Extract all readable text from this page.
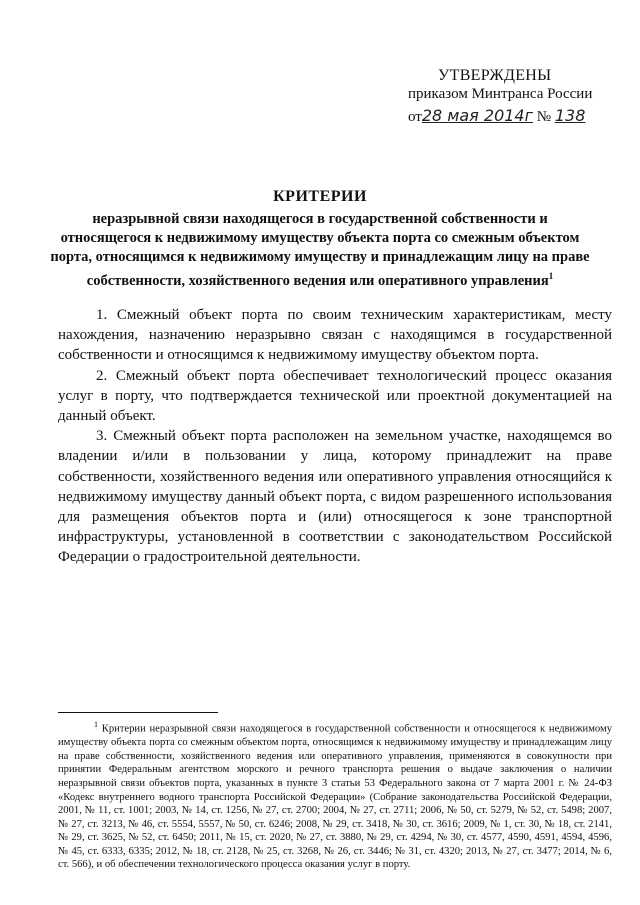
УТВЕРЖДЕНЫ
приказом Минтранса России
от28 мая 2014г № 138
КРИТЕРИИ
неразрывной связи находящегося в государственной собственности и относящегося к недвижимому имуществу объекта порта со смежным объектом порта, относящимся к недвижимому имуществу и принадлежащим лицу на праве собственности, хозяйственного ведения или оперативного управления$^1$

1. Смежный объект порта по своим техническим характеристикам, месту нахождения, назначению неразрывно связан с находящимся в государственной собственности и относящимся к недвижимому имуществу объектом порта.

2. Смежный объект порта обеспечивает технологический процесс оказания услуг в порту, что подтверждается технической или проектной документацией на данный объект.

3. Смежный объект порта расположен на земельном участке, находящемся во владении и/или в пользовании у лица, которому принадлежит на праве собственности, хозяйственного ведения или оперативного управления относящийся к недвижимому имуществу данный объект порта, с видом разрешенного использования для размещения объектов порта и (или) относящегося к зоне транспортной инфраструктуры, установленной в соответствии с законодательством Российской Федерации о градостроительной деятельности.

$^1$ Критерии неразрывной связи находящегося в государственной собственности и относящегося к недвижимому имуществу объекта порта со смежным объектом порта, относящимся к недвижимому имуществу и принадлежащим лицу на праве собственности, хозяйственного ведения или оперативного управления, применяются в совокупности при принятии Федеральным агентством морского и речного транспорта решения о выдаче заключения о наличии неразрывной связи объектов порта, указанных в пункте 3 статьи 53 Федерального закона от 7 марта 2001 г. № 24-ФЗ «Кодекс внутреннего водного транспорта Российской Федерации» (Собрание законодательства Российской Федерации, 2001, № 11, ст. 1001; 2003, № 14, ст. 1256, № 27, ст. 2700; 2004, № 27, ст. 2711; 2006, № 50, ст. 5279, № 52, ст. 5498; 2007, № 27, ст. 3213, № 46, ст. 5554, 5557, № 50, ст. 6246; 2008, № 29, ст. 3418, № 30, ст. 3616; 2009, № 1, ст. 30, № 18, ст. 2141, № 29, ст. 3625, № 52, ст. 6450; 2011, № 15, ст. 2020, № 27, ст. 3880, № 29, ст. 4294, № 30, ст. 4577, 4590, 4591, 4594, 4596, № 45, ст. 6333, 6335; 2012, № 18, ст. 2128, № 25, ст. 3268, № 26, ст. 3446; № 31, ст. 4320; 2013, № 27, ст. 3477; 2014, № 6, ст. 566), и об обеспечении технологического процесса оказания услуг в порту.
